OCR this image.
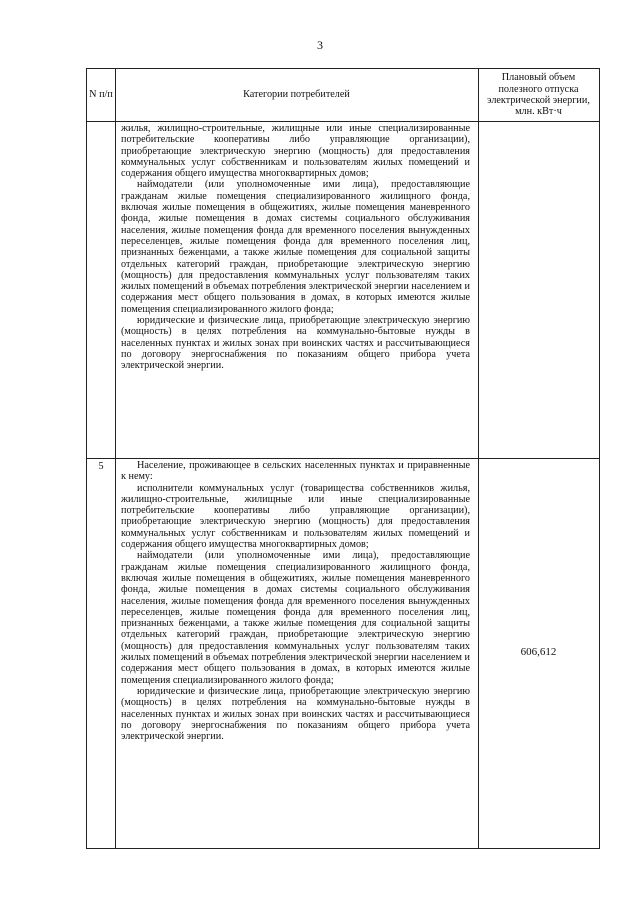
3
N п/п	Категории потребителей
Плановый объем полезного отпуска электрической энергии, млн. кВт·ч

жилья, жилищно-строительные, жилищные или иные специализированные потребительские кооперативы либо управляющие организации), приобретающие электрическую энергию (мощность) для предоставления коммунальных услуг собственникам и пользователям жилых помещений и содержания общего имущества многоквартирных домов;

наймодатели (или уполномоченные ими лица), предоставляющие гражданам жилые помещения специализированного жилищного фонда, включая жилые помещения в общежитиях, жилые помещения маневренного фонда, жилые помещения в домах системы социального обслуживания населения, жилые помещения фонда для временного поселения вынужденных переселенцев, жилые помещения фонда для временного поселения лиц, признанных беженцами, а также жилые помещения для социальной защиты отдельных категорий граждан, приобретающие электрическую энергию (мощность) для предоставления коммунальных услуг пользователям таких жилых помещений в объемах потребления электрической энергии населением и содержания мест общего пользования в домах, в которых имеются жилые помещения специализированного жилого фонда;

юридические и физические лица, приобретающие электрическую энергию (мощность) в целях потребления на коммунально-бытовые нужды в населенных пунктах и жилых зонах при воинских частях и рассчитывающиеся по договору энергоснабжения по показаниям общего прибора учета электрической энергии.

5	Население, проживающее в сельских населенных пунктах и приравненные к нему:

исполнители коммунальных услуг (товарищества собственников жилья, жилищно-строительные, жилищные или иные специализированные потребительские кооперативы либо управляющие организации), приобретающие электрическую энергию (мощность) для предоставления коммунальных услуг собственникам и пользователям жилых помещений и содержания общего имущества многоквартирных домов;

наймодатели (или уполномоченные ими лица), предоставляющие гражданам жилые помещения специализированного жилищного фонда, включая жилые помещения в общежитиях, жилые помещения маневренного фонда, жилые помещения в домах системы социального обслуживания населения, жилые помещения фонда для временного поселения вынужденных переселенцев, жилые помещения фонда для временного поселения лиц, признанных беженцами, а также жилые помещения для социальной защиты отдельных категорий граждан, приобретающие электрическую энергию (мощность) для предоставления коммунальных услуг пользователям таких жилых помещений в объемах потребления электрической энергии населением и содержания мест общего пользования в домах, в которых имеются жилые помещения специализированного жилого фонда;

юридические и физические лица, приобретающие электрическую энергию (мощность) в целях потребления на коммунально-бытовые нужды в населенных пунктах и жилых зонах при воинских частях и рассчитывающиеся по договору энергоснабжения по показаниям общего прибора учета электрической энергии.

606,612
